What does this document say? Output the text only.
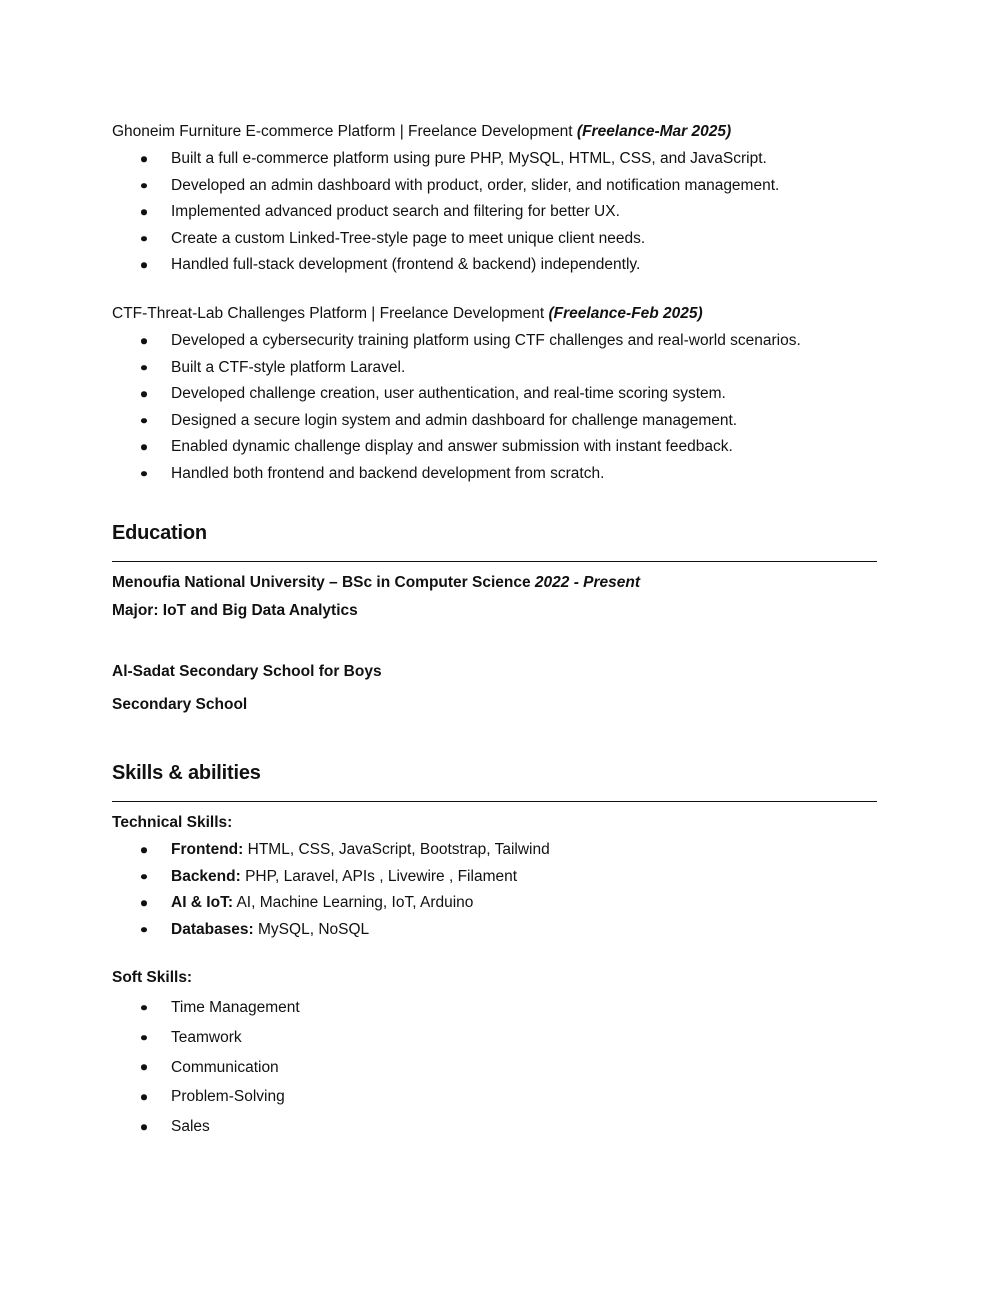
Ghoneim Furniture E-commerce Platform | Freelance Development (Freelance-Mar 2025)
Built a full e-commerce platform using pure PHP, MySQL, HTML, CSS, and JavaScript.
Developed an admin dashboard with product, order, slider, and notification management.
Implemented advanced product search and filtering for better UX.
Create a custom Linked-Tree-style page to meet unique client needs.
Handled full-stack development (frontend & backend) independently.
CTF-Threat-Lab Challenges Platform | Freelance Development (Freelance-Feb 2025)
Developed a cybersecurity training platform using CTF challenges and real-world scenarios.
Built a CTF-style platform Laravel.
Developed challenge creation, user authentication, and real-time scoring system.
Designed a secure login system and admin dashboard for challenge management.
Enabled dynamic challenge display and answer submission with instant feedback.
Handled both frontend and backend development from scratch.
Education
Menoufia National University – BSc in Computer Science 2022 - Present
Major: IoT and Big Data Analytics
Al-Sadat Secondary School for Boys
Secondary School
Skills & abilities
Technical Skills:
Frontend: HTML, CSS, JavaScript, Bootstrap, Tailwind
Backend: PHP, Laravel, APIs , Livewire , Filament
AI & IoT: AI, Machine Learning, IoT, Arduino
Databases: MySQL, NoSQL
Soft Skills:
Time Management
Teamwork
Communication
Problem-Solving
Sales
